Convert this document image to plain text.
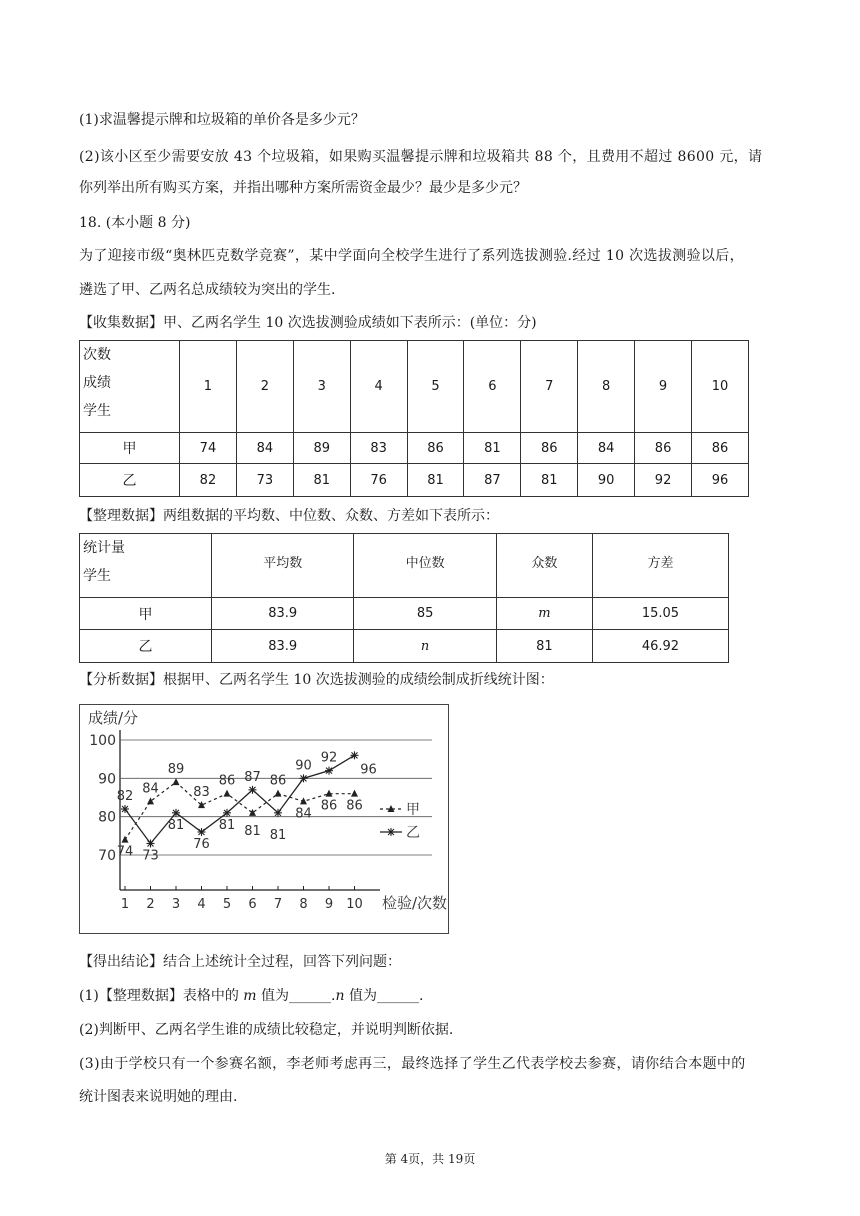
(1)求温馨提示牌和垃圾箱的单价各是多少元？
(2)该小区至少需要安放 43 个垃圾箱，如果购买温馨提示牌和垃圾箱共 88 个，且费用不超过 8600 元，请
你列举出所有购买方案，并指出哪种方案所需资金最少？最少是多少元？
18. (本小题 8 分)
为了迎接市级“奥林匹克数学竞赛”，某中学面向全校学生进行了系列选拔测验.经过 10 次选拔测验以后，
遴选了甲、乙两名总成绩较为突出的学生.
【收集数据】甲、乙两名学生 10 次选拔测验成绩如下表所示：(单位：分)
次数
成绩
学生	1	2	3	4	5	6	7	8	9	10
甲	74	84	89	83	86	81	86	84	86	86
乙	82	73	81	76	81	87	81	90	92	96
【整理数据】两组数据的平均数、中位数、众数、方差如下表所示：
统计量
学生	平均数	中位数	众数	方差
甲	83.9	85	m	15.05
乙	83.9	n	81	46.92
【分析数据】根据甲、乙两名学生 10 次选拔测验的成绩绘制成折线统计图：
70
80
90
100
成绩/分
检验/次数
1 2 3 4 5 6 7 8 9 10
74
84
89
83
86
81
86
84
86 86
82
73
81
76
81
87
81
90
92
96
甲
乙
【得出结论】结合上述统计全过程，回答下列问题：
(1)【整理数据】表格中的 m 值为______.n 值为______.
(2)判断甲、乙两名学生谁的成绩比较稳定，并说明判断依据.
(3)由于学校只有一个参赛名额，李老师考虑再三，最终选择了学生乙代表学校去参赛，请你结合本题中的
统计图表来说明她的理由.
第 4页，共 19页
